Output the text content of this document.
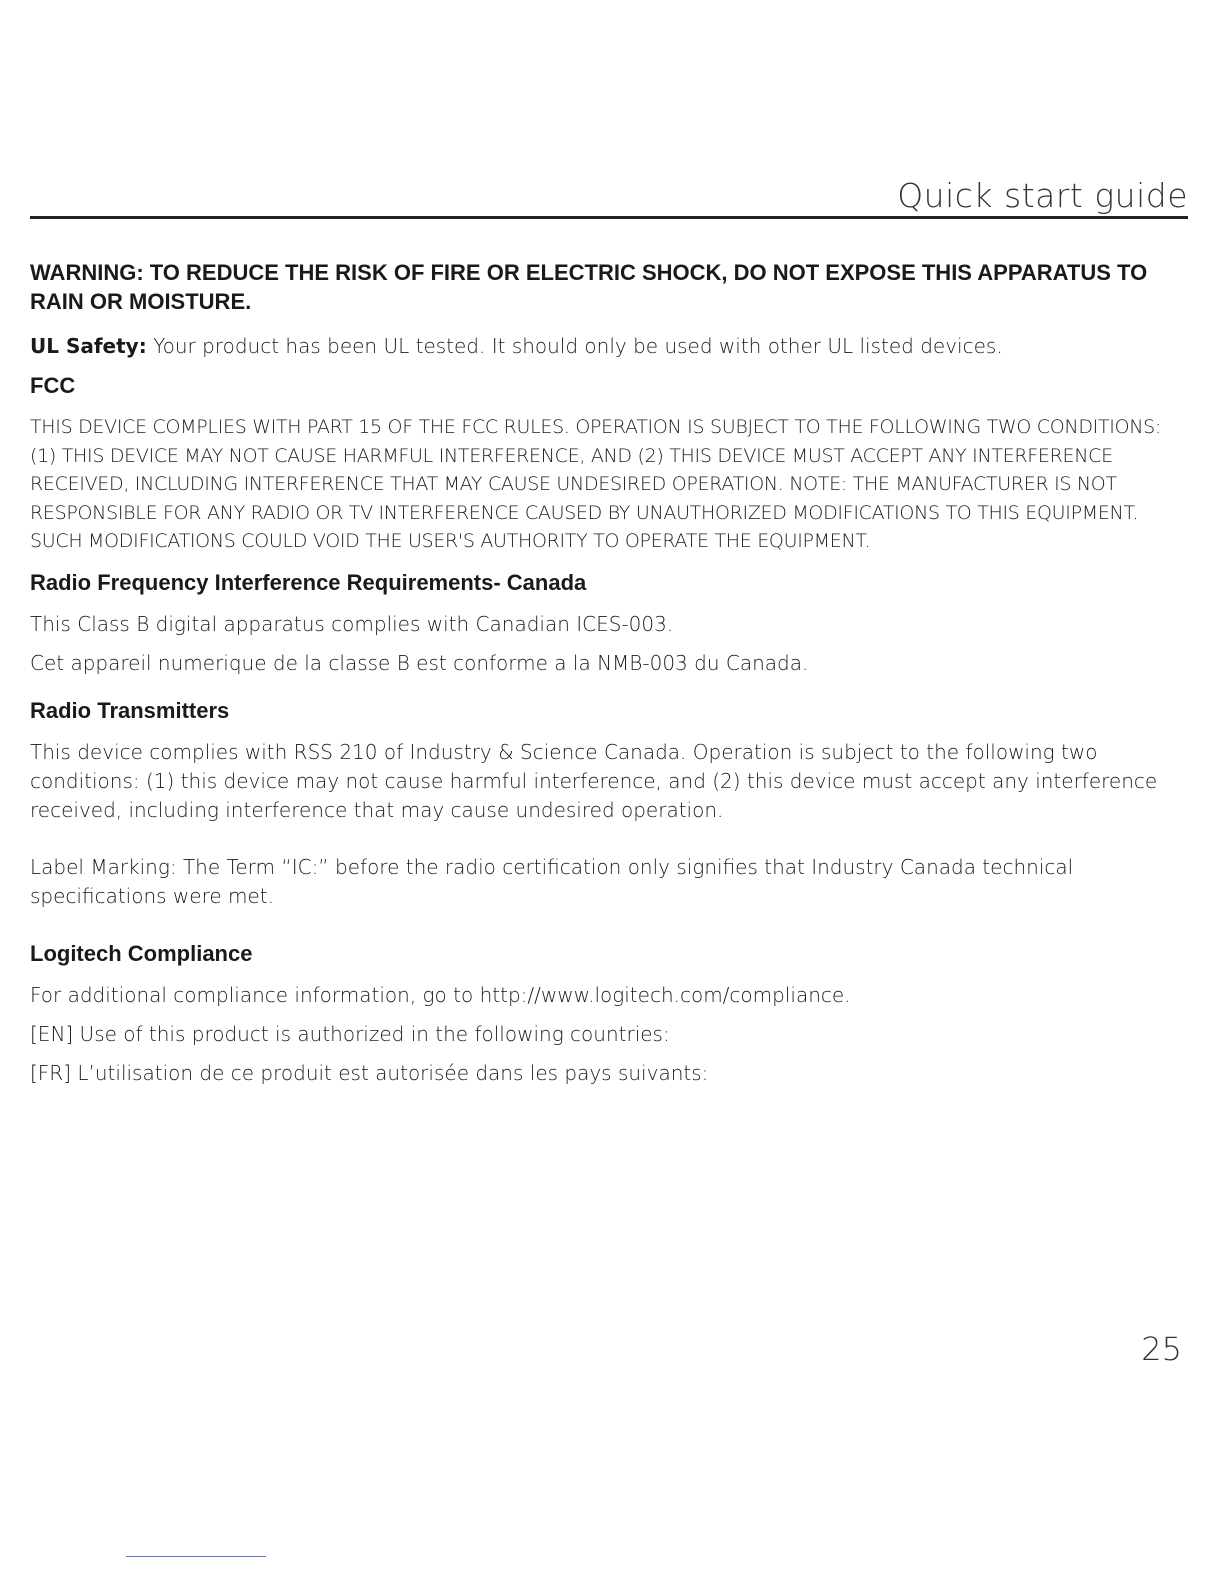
Quick start guide

WARNING: TO REDUCE THE RISK OF FIRE OR ELECTRIC SHOCK, DO NOT EXPOSE THIS APPARATUS TO RAIN OR MOISTURE.

UL Safety: Your product has been UL tested. It should only be used with other UL listed devices.

FCC

THIS DEVICE COMPLIES WITH PART 15 OF THE FCC RULES. OPERATION IS SUBJECT TO THE FOLLOWING TWO CONDITIONS: (1) THIS DEVICE MAY NOT CAUSE HARMFUL INTERFERENCE, AND (2) THIS DEVICE MUST ACCEPT ANY INTERFERENCE RECEIVED, INCLUDING INTERFERENCE THAT MAY CAUSE UNDESIRED OPERATION. NOTE: THE MANUFACTURER IS NOT RESPONSIBLE FOR ANY RADIO OR TV INTERFERENCE CAUSED BY UNAUTHORIZED MODIFICATIONS TO THIS EQUIPMENT. SUCH MODIFICATIONS COULD VOID THE USER'S AUTHORITY TO OPERATE THE EQUIPMENT.

Radio Frequency Interference Requirements- Canada

This Class B digital apparatus complies with Canadian ICES-003.

Cet appareil numerique de la classe B est conforme a la NMB-003 du Canada.

Radio Transmitters

This device complies with RSS 210 of Industry & Science Canada. Operation is subject to the following two conditions: (1) this device may not cause harmful interference, and (2) this device must accept any interference received, including interference that may cause undesired operation.

Label Marking: The Term “IC:” before the radio certification only signifies that Industry Canada technical specifications were met.

Logitech Compliance

For additional compliance information, go to http://www.logitech.com/compliance.

[EN] Use of this product is authorized in the following countries:

[FR] L’utilisation de ce produit est autorisée dans les pays suivants:

25
